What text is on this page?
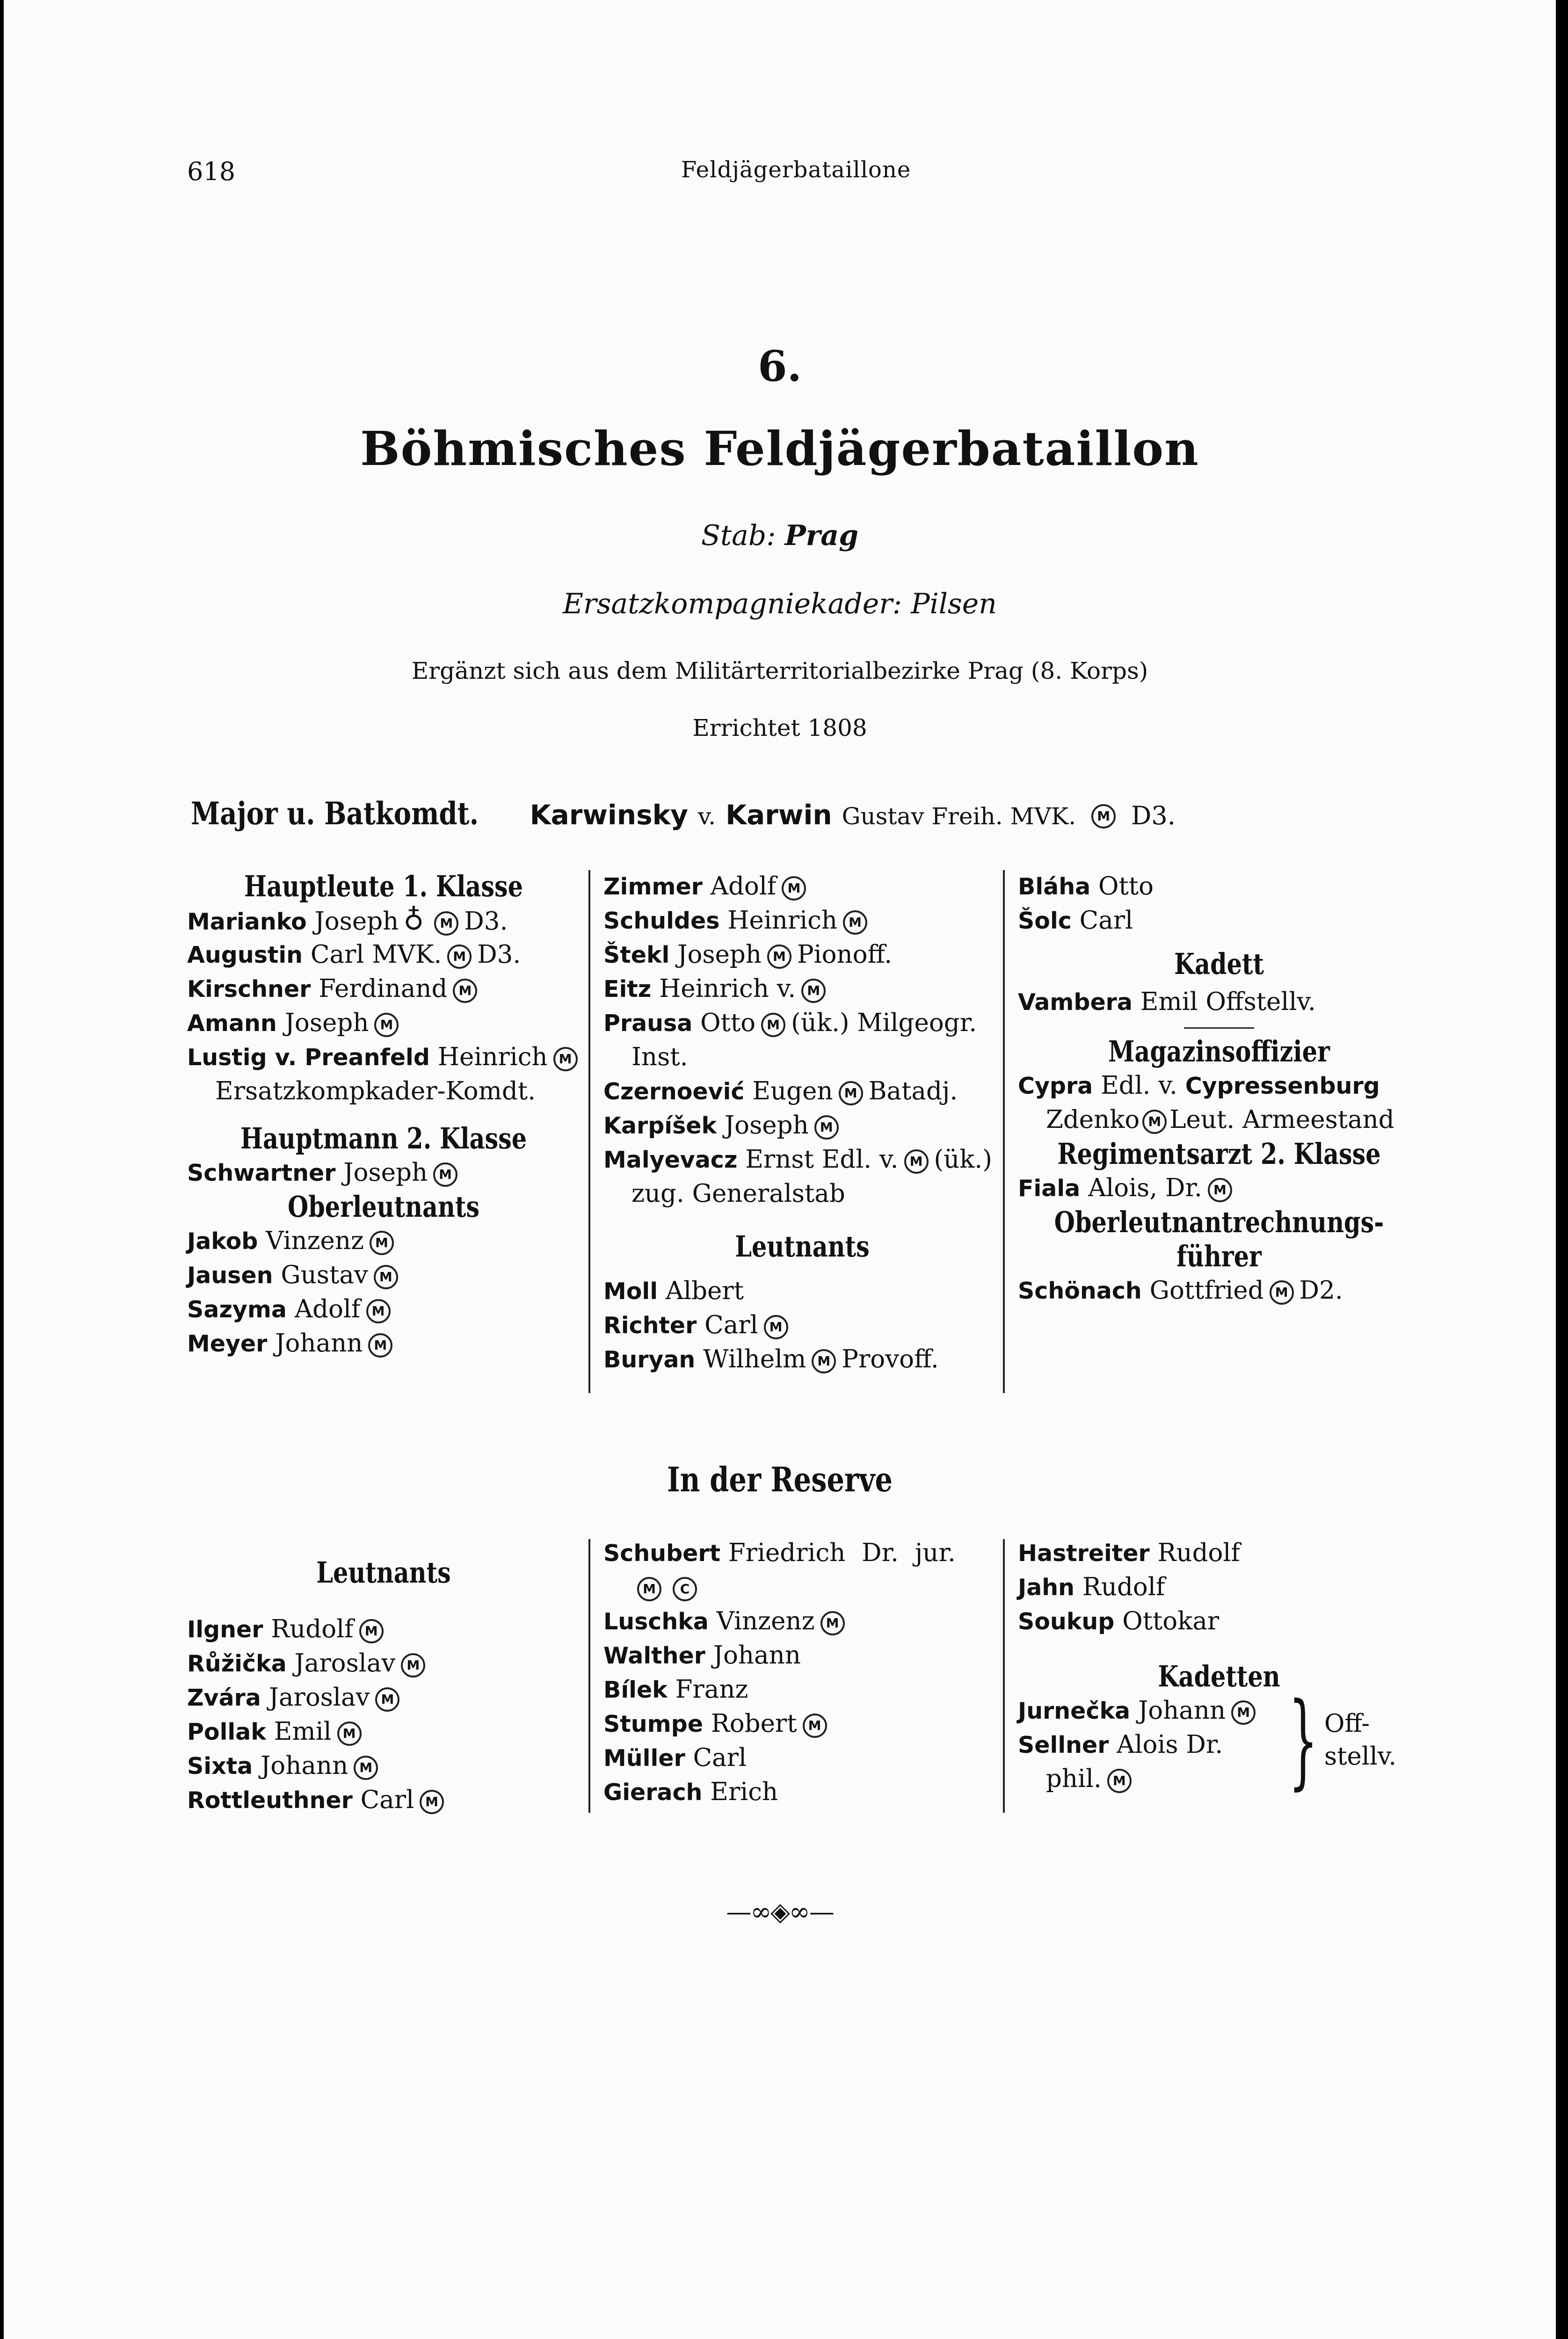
618	Feldjägerbataillone
6.
Böhmisches Feldjägerbataillon
Stab: Prag
Ersatzkompagniekader: Pilsen
Ergänzt sich aus dem Militärterritorialbezirke Prag (8. Korps)
Errichtet 1808
Major u. Batkomdt. Karwinsky v. Karwin Gustav Freih. MVK. M D3.
Hauptleute 1. Klasse
Marianko Joseph ♁ M D3.
Augustin Carl MVK. M D3.
Kirschner Ferdinand M
Amann Joseph M
Lustig v. Preanfeld Heinrich M
Ersatzkompkader-Komdt.
Hauptmann 2. Klasse
Schwartner Joseph M
Oberleutnants
Jakob Vinzenz M
Jausen Gustav M
Sazyma Adolf M
Meyer Johann M
Zimmer Adolf M
Schuldes Heinrich M
Štekl Joseph M Pionoff.
Eitz Heinrich v. M
Prausa Otto M (ük.) Milgeogr.
Inst.
Czernoević Eugen M Batadj.
Karpíšek Joseph M
Malyevacz Ernst Edl. v. M (ük.)
zug. Generalstab
Leutnants
Moll Albert
Richter Carl M
Buryan Wilhelm M Provoff.
Bláha Otto
Šolc Carl
Kadett
Vambera Emil Offstellv.
Magazinsoffizier
Cypra Edl. v. Cypressenburg
Zdenko M Leut. Armeestand
Regimentsarzt 2. Klasse
Fiala Alois, Dr. M
Oberleutnantrechnungs-
führer
Schönach Gottfried M D2.
In der Reserve
Leutnants
Ilgner Rudolf M
Růžička Jaroslav M
Zvára Jaroslav M
Pollak Emil M
Sixta Johann M
Rottleuthner Carl M
Schubert Friedrich Dr. jur.
M C
Luschka Vinzenz M
Walther Johann
Bílek Franz
Stumpe Robert M
Müller Carl
Gierach Erich
Hastreiter Rudolf
Jahn Rudolf
Soukup Ottokar
Kadetten
Jurnečka Johann M
Sellner Alois Dr.
phil. M	} Off-
stellv.
—∞◈∞—
